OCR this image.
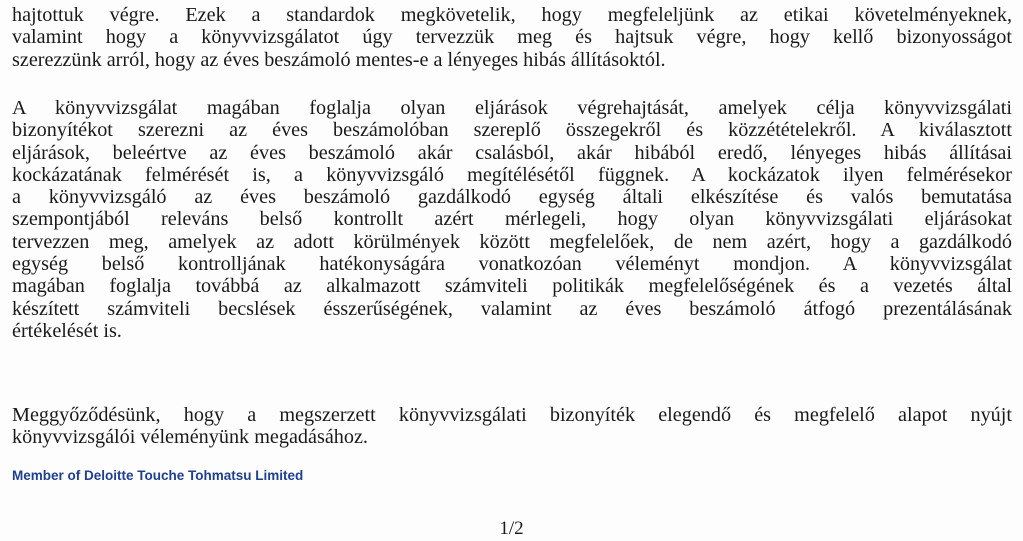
hajtottuk végre. Ezek a standardok megkövetelik, hogy megfeleljünk az etikai követelményeknek,
valamint hogy a könyvvizsgálatot úgy tervezzük meg és hajtsuk végre, hogy kellő bizonyosságot
szerezzünk arról, hogy az éves beszámoló mentes-e a lényeges hibás állításoktól.
A könyvvizsgálat magában foglalja olyan eljárások végrehajtását, amelyek célja könyvvizsgálati
bizonyítékot szerezni az éves beszámolóban szereplő összegekről és közzétételekről. A kiválasztott
eljárások, beleértve az éves beszámoló akár csalásból, akár hibából eredő, lényeges hibás állításai
kockázatának felmérését is, a könyvvizsgáló megítélésétől függnek. A kockázatok ilyen felmérésekor
a könyvvizsgáló az éves beszámoló gazdálkodó egység általi elkészítése és valós bemutatása
szempontjából releváns belső kontrollt azért mérlegeli, hogy olyan könyvvizsgálati eljárásokat
tervezzen meg, amelyek az adott körülmények között megfelelőek, de nem azért, hogy a gazdálkodó
egység belső kontrolljának hatékonyságára vonatkozóan véleményt mondjon. A könyvvizsgálat
magában foglalja továbbá az alkalmazott számviteli politikák megfelelőségének és a vezetés által
készített számviteli becslések ésszerűségének, valamint az éves beszámoló átfogó prezentálásának
értékelését is.
Meggyőződésünk, hogy a megszerzett könyvvizsgálati bizonyíték elegendő és megfelelő alapot nyújt
könyvvizsgálói véleményünk megadásához.
Member of Deloitte Touche Tohmatsu Limited
1/2
